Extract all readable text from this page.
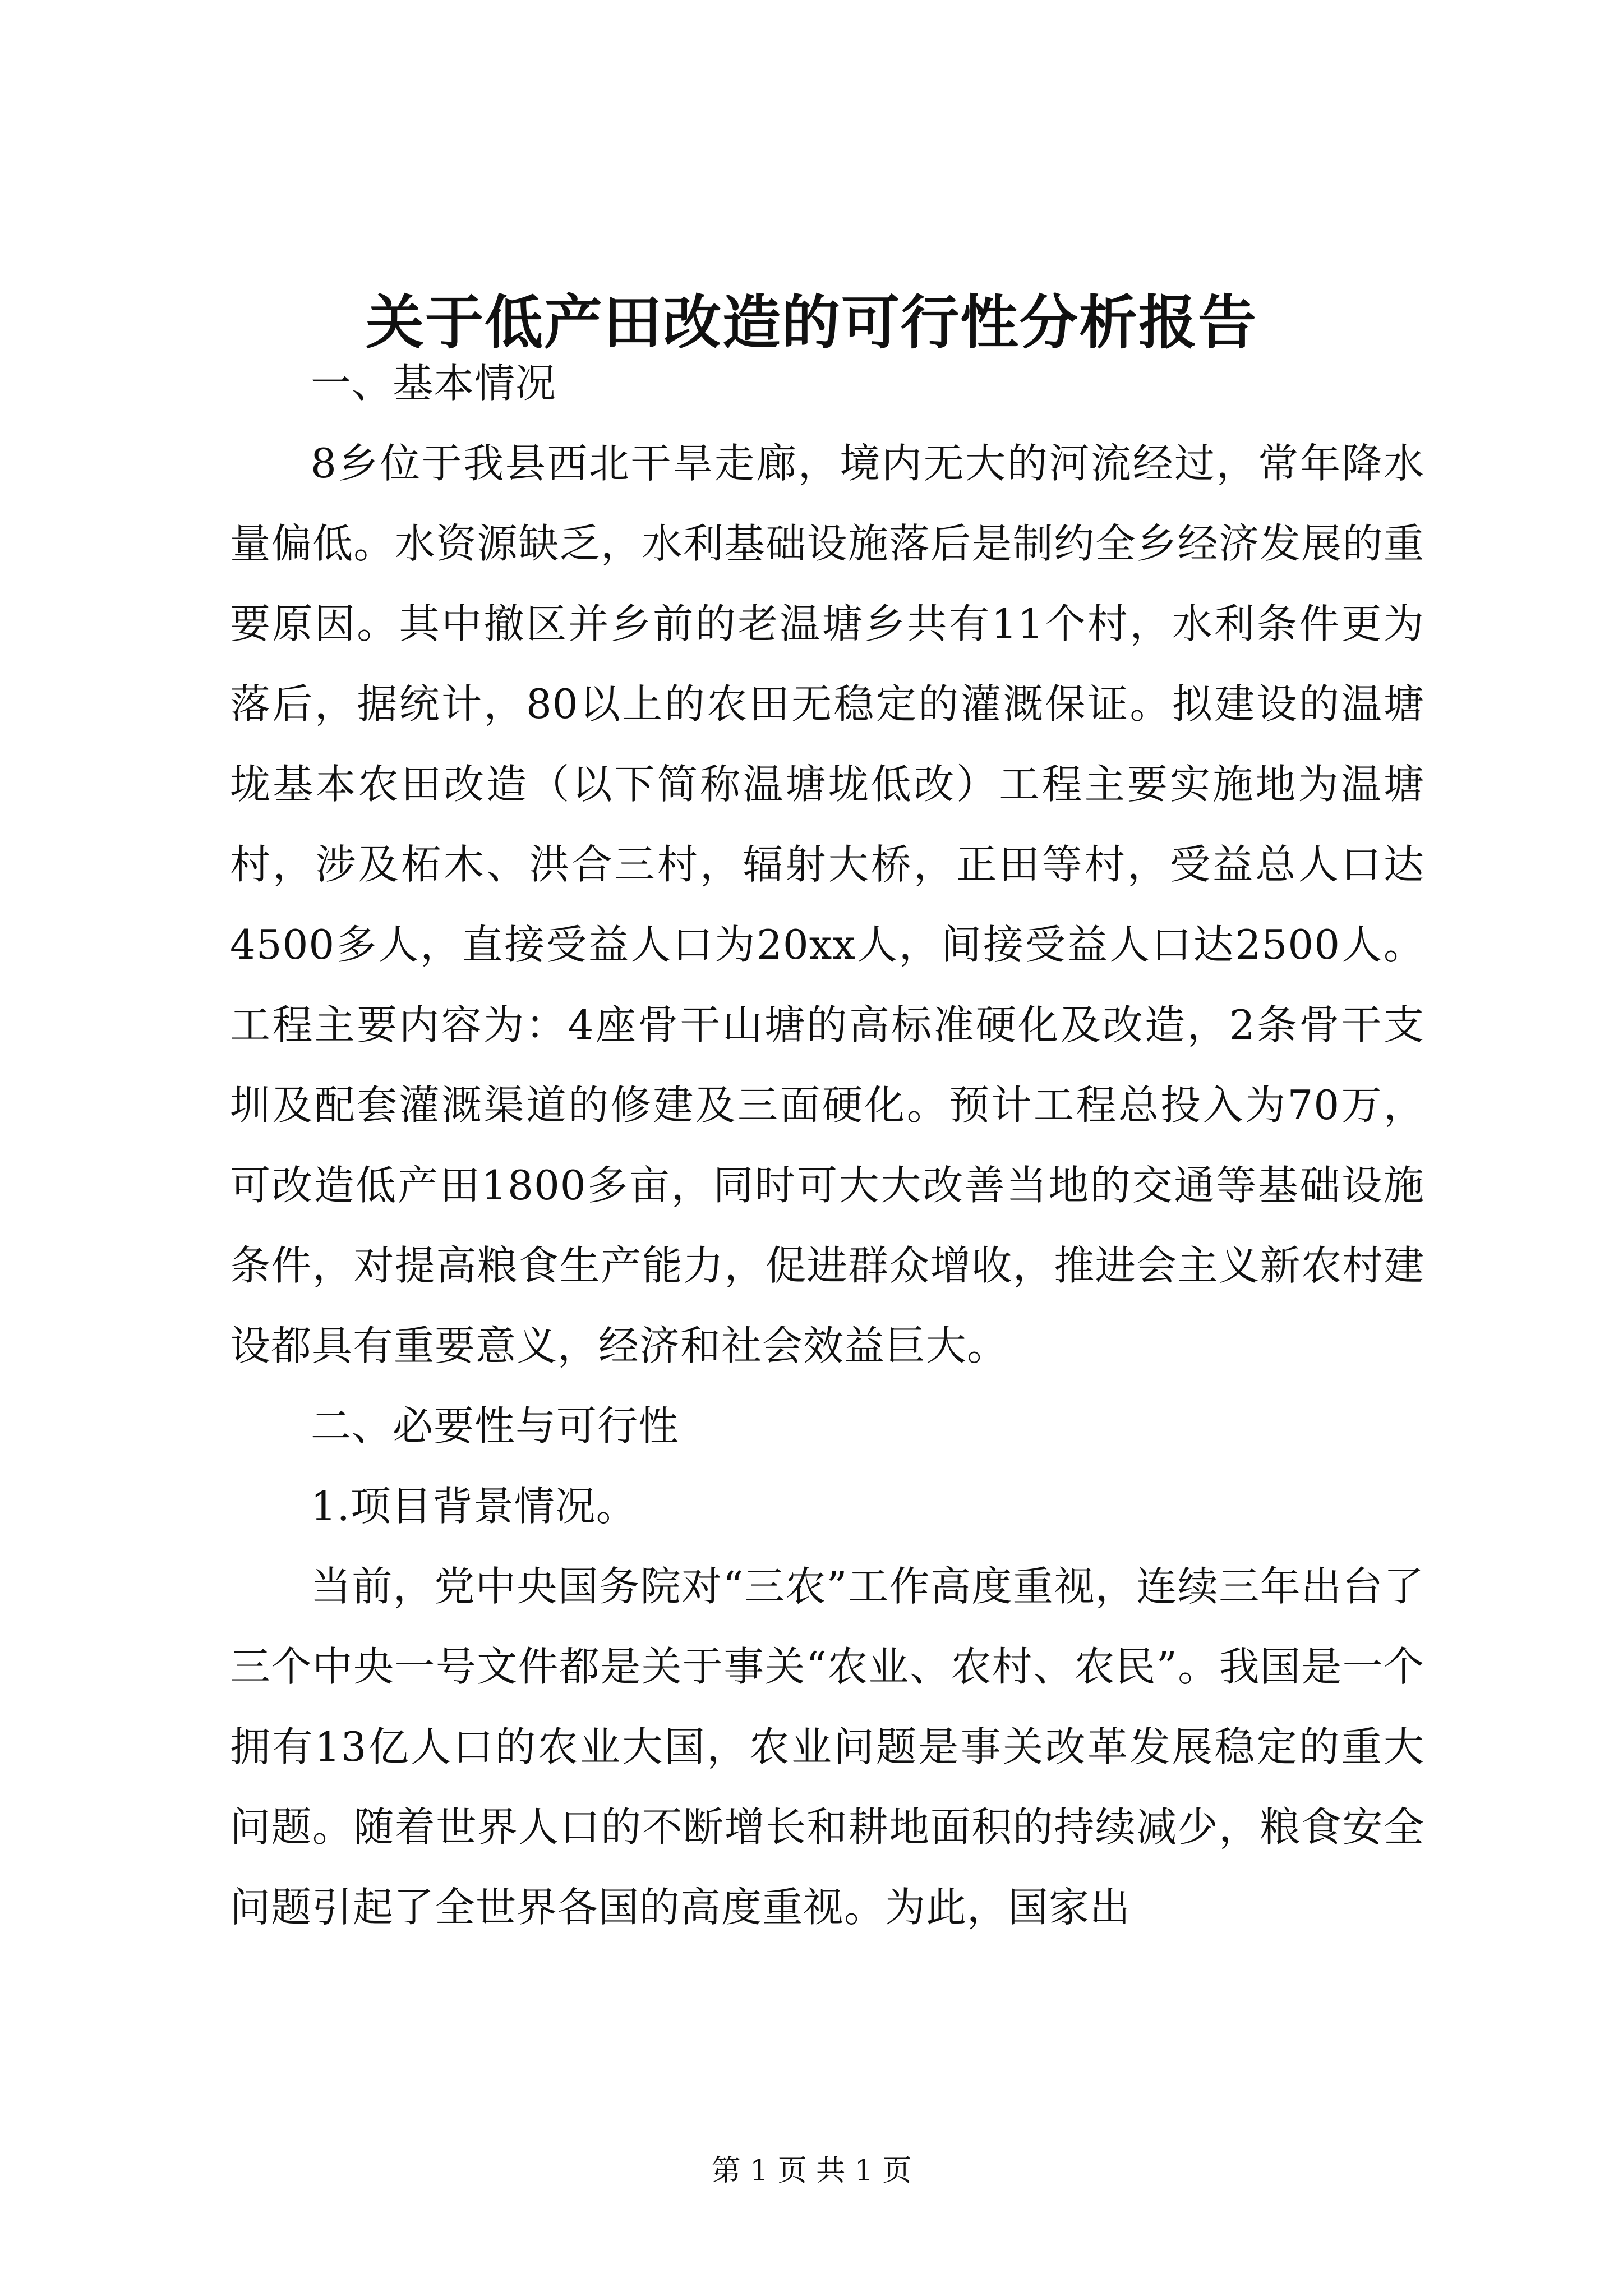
关于低产田改造的可行性分析报告

一、基本情况

8乡位于我县西北干旱走廊，境内无大的河流经过，常年降水量偏低。水资源缺乏，水利基础设施落后是制约全乡经济发展的重要原因。其中撤区并乡前的老温塘乡共有11个村，水利条件更为落后，据统计，80以上的农田无稳定的灌溉保证。拟建设的温塘垅基本农田改造（以下简称温塘垅低改）工程主要实施地为温塘村，涉及柘木、洪合三村，辐射大桥，正田等村，受益总人口达4500多人，直接受益人口为20xx人，间接受益人口达2500人。工程主要内容为：4座骨干山塘的高标准硬化及改造，2条骨干支圳及配套灌溉渠道的修建及三面硬化。预计工程总投入为70万，可改造低产田1800多亩，同时可大大改善当地的交通等基础设施条件，对提高粮食生产能力，促进群众增收，推进会主义新农村建设都具有重要意义，经济和社会效益巨大。

二、必要性与可行性

1.项目背景情况。

当前，党中央国务院对“三农”工作高度重视，连续三年出台了三个中央一号文件都是关于事关“农业、农村、农民”。我国是一个拥有13亿人口的农业大国，农业问题是事关改革发展稳定的重大问题。随着世界人口的不断增长和耕地面积的持续减少，粮食安全问题引起了全世界各国的高度重视。为此，国家出

第 1 页 共 1 页
